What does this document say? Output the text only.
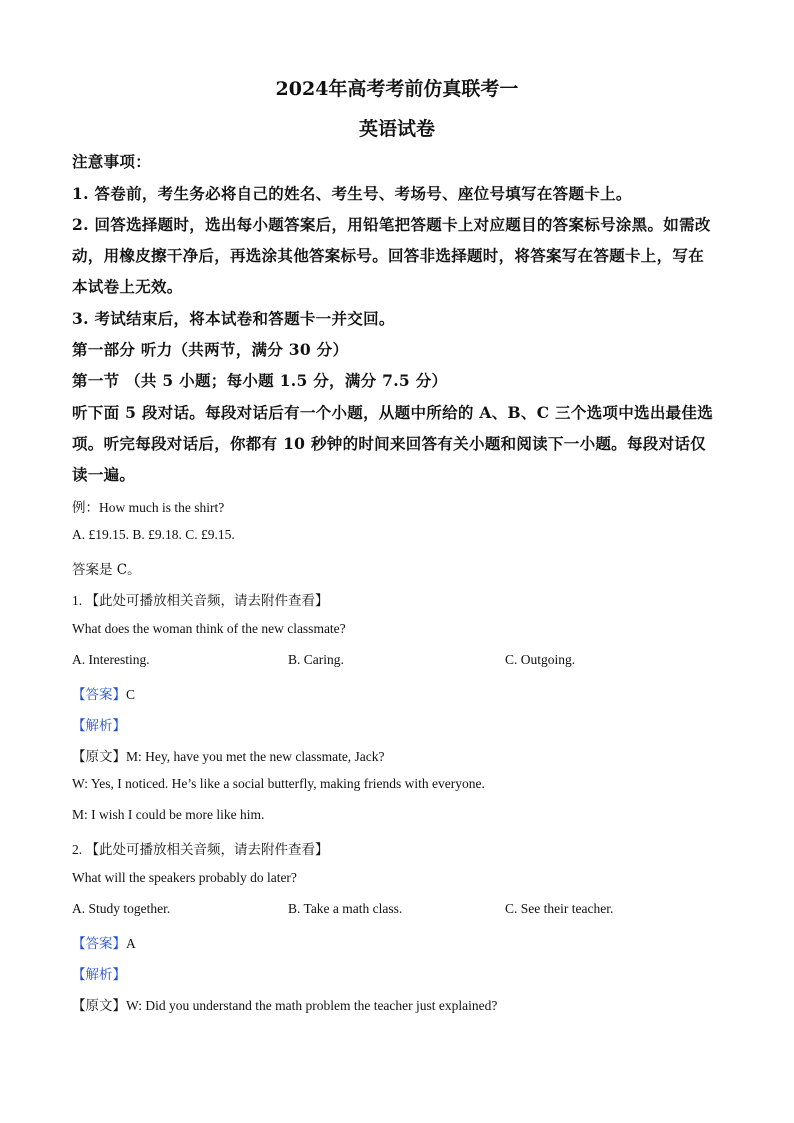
2024年高考考前仿真联考一
英语试卷
注意事项：
1. 答卷前，考生务必将自己的姓名、考生号、考场号、座位号填写在答题卡上。
2. 回答选择题时，选出每小题答案后，用铅笔把答题卡上对应题目的答案标号涂黑。如需改
动，用橡皮擦干净后，再选涂其他答案标号。回答非选择题时，将答案写在答题卡上，写在
本试卷上无效。
3. 考试结束后，将本试卷和答题卡一并交回。
第一部分 听力（共两节，满分 30 分）
第一节 （共 5 小题；每小题 1.5 分，满分 7.5 分）
听下面 5 段对话。每段对话后有一个小题，从题中所给的 A、B、C 三个选项中选出最佳选
项。听完每段对话后，你都有 10 秒钟的时间来回答有关小题和阅读下一小题。每段对话仅
读一遍。
例：How much is the shirt?
A. £19.15. B. £9.18. C. £9.15.
答案是 C。
1. 【此处可播放相关音频，请去附件查看】
What does the woman think of the new classmate?
A. Interesting.	B. Caring.	C. Outgoing.
【答案】C
【解析】
【原文】M: Hey, have you met the new classmate, Jack?
W: Yes, I noticed. He’s like a social butterfly, making friends with everyone.
M: I wish I could be more like him.
2. 【此处可播放相关音频，请去附件查看】
What will the speakers probably do later?
A. Study together.	B. Take a math class.	C. See their teacher.
【答案】A
【解析】
【原文】W: Did you understand the math problem the teacher just explained?
